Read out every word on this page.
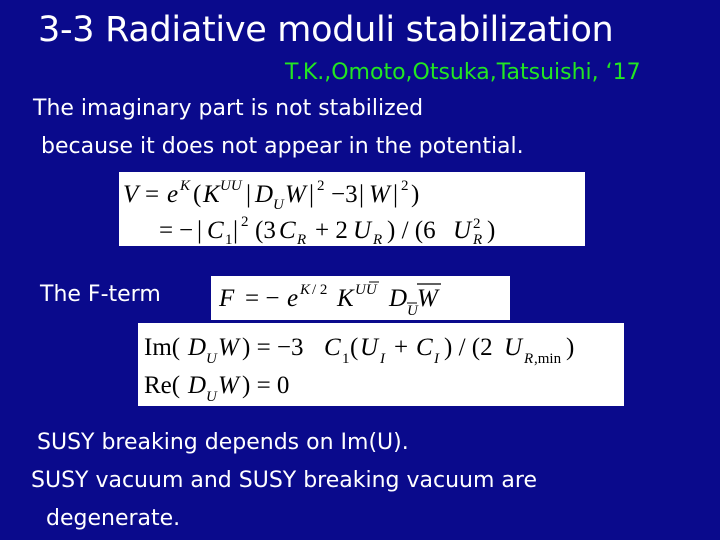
3-3 Radiative moduli stabilization
T.K.,Omoto,Otsuka,Tatsuishi, ‘17
The imaginary part is not stabilized
because it does not appear in the potential.
V = e K ( K UU | D U W | 2 −3 | W | 2 )
= − | C 1 | 2 (3 C R + 2 U R ) / (6 U 2
R )
The F-term F = − e K / 2 K UU D U W
Im( D U W ) = −3 C 1 ( U I + C I ) / (2 U R ,min )
Re( D U W ) = 0
SUSY breaking depends on Im(U).
SUSY vacuum and SUSY breaking vacuum are
degenerate.
